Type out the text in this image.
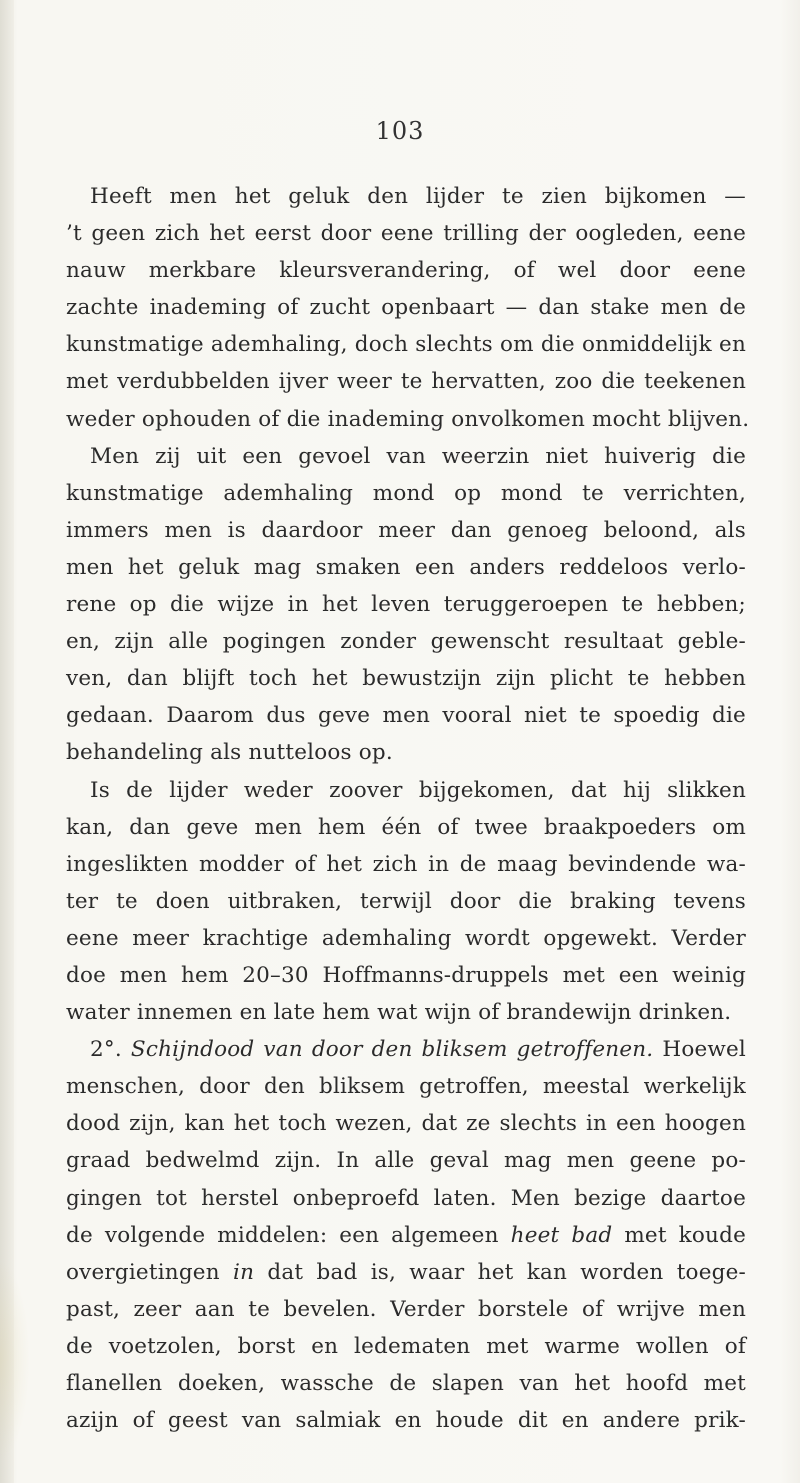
103
Heeft men het geluk den lijder te zien bijkomen —
’t geen zich het eerst door eene trilling der oogleden, eene
nauw merkbare kleursverandering, of wel door eene
zachte inademing of zucht openbaart — dan stake men de
kunstmatige ademhaling, doch slechts om die onmiddelijk en
met verdubbelden ijver weer te hervatten, zoo die teekenen
weder ophouden of die inademing onvolkomen mocht blijven.
Men zij uit een gevoel van weerzin niet huiverig die
kunstmatige ademhaling mond op mond te verrichten,
immers men is daardoor meer dan genoeg beloond, als
men het geluk mag smaken een anders reddeloos verlo-
rene op die wijze in het leven teruggeroepen te hebben;
en, zijn alle pogingen zonder gewenscht resultaat geble-
ven, dan blijft toch het bewustzijn zijn plicht te hebben
gedaan. Daarom dus geve men vooral niet te spoedig die
behandeling als nutteloos op.
Is de lijder weder zoover bijgekomen, dat hij slikken
kan, dan geve men hem één of twee braakpoeders om
ingeslikten modder of het zich in de maag bevindende wa-
ter te doen uitbraken, terwijl door die braking tevens
eene meer krachtige ademhaling wordt opgewekt. Verder
doe men hem 20–30 Hoffmanns-druppels met een weinig
water innemen en late hem wat wijn of brandewijn drinken.
2°. Schijndood van door den bliksem getroffenen. Hoewel
menschen, door den bliksem getroffen, meestal werkelijk
dood zijn, kan het toch wezen, dat ze slechts in een hoogen
graad bedwelmd zijn. In alle geval mag men geene po-
gingen tot herstel onbeproefd laten. Men bezige daartoe
de volgende middelen: een algemeen heet bad met koude
overgietingen in dat bad is, waar het kan worden toege-
past, zeer aan te bevelen. Verder borstele of wrijve men
de voetzolen, borst en ledematen met warme wollen of
flanellen doeken, wassche de slapen van het hoofd met
azijn of geest van salmiak en houde dit en andere prik-
